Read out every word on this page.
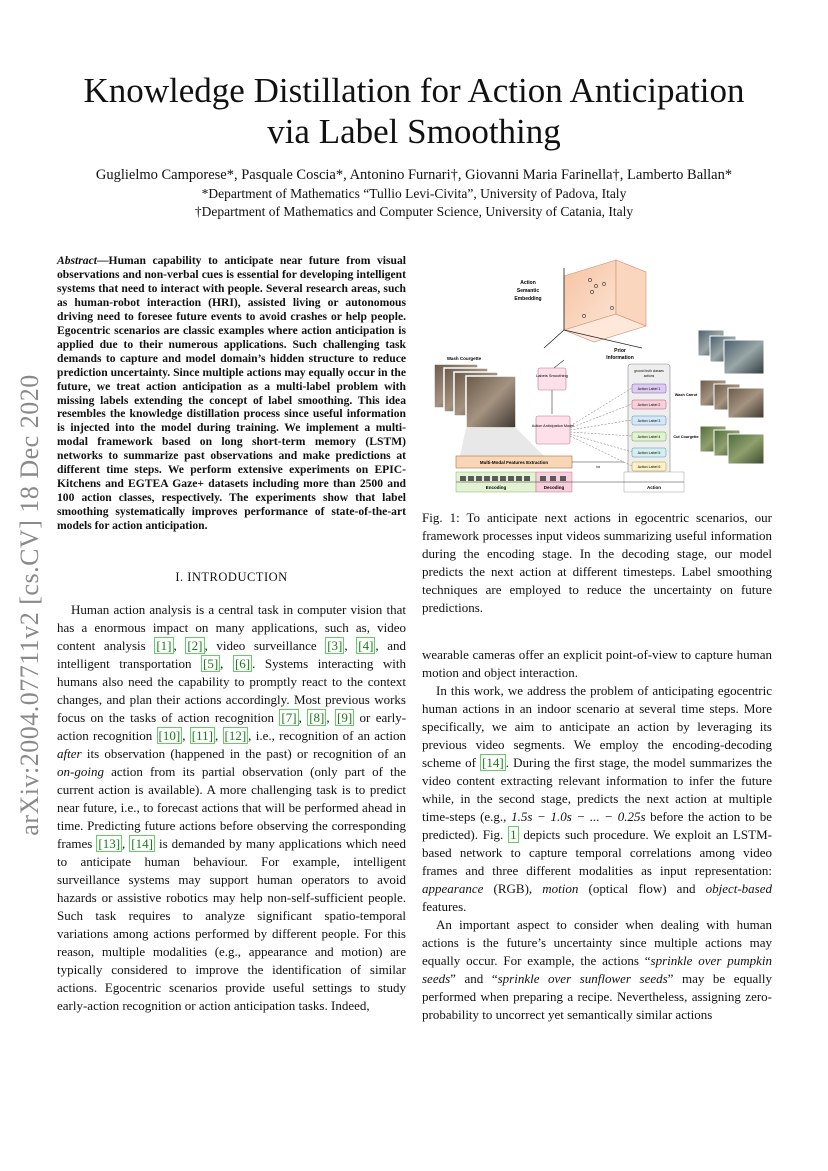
Knowledge Distillation for Action Anticipation
via Label Smoothing
Guglielmo Camporese*, Pasquale Coscia*, Antonino Furnari†, Giovanni Maria Farinella†, Lamberto Ballan*
*Department of Mathematics “Tullio Levi-Civita”, University of Padova, Italy
†Department of Mathematics and Computer Science, University of Catania, Italy
arXiv:2004.07711v2 [cs.CV] 18 Dec 2020
Abstract—Human capability to anticipate near future from visual observations and non-verbal cues is essential for developing intelligent systems that need to interact with people. Several research areas, such as human-robot interaction (HRI), assisted living or autonomous driving need to foresee future events to avoid crashes or help people. Egocentric scenarios are classic examples where action anticipation is applied due to their numerous applications. Such challenging task demands to capture and model domain’s hidden structure to reduce prediction uncertainty. Since multiple actions may equally occur in the future, we treat action anticipation as a multi-label problem with missing labels extending the concept of label smoothing. This idea resembles the knowledge distillation process since useful information is injected into the model during training. We implement a multi-modal framework based on long short-term memory (LSTM) networks to summarize past observations and make predictions at different time steps. We perform extensive experiments on EPIC-Kitchens and EGTEA Gaze+ datasets including more than 2500 and 100 action classes, respectively. The experiments show that label smoothing systematically improves performance of state-of-the-art models for action anticipation.
I. INTRODUCTION

Human action analysis is a central task in computer vision that has a enormous impact on many applications, such as, video content analysis [1] , [2] , video surveillance [3] , [4] , and intelligent transportation [5] , [6] . Systems interacting with humans also need the capability to promptly react to the context changes, and plan their actions accordingly. Most previous works focus on the tasks of action recognition [7] , [8] , [9] or early-action recognition [10] , [11] , [12] , i.e., recognition of an action after its observation (happened in the past) or recognition of an on-going action from its partial observation (only part of the current action is available). A more challenging task is to predict near future, i.e., to forecast actions that will be performed ahead in time. Predicting future actions before observing the corresponding frames [13] , [14] is demanded by many applications which need to anticipate human behaviour. For example, intelligent surveillance systems may support human operators to avoid hazards or assistive robotics may help non-self-sufficient people. Such task requires to analyze significant spatio-temporal variations among actions performed by different people. For this reason, multiple modalities (e.g., appearance and motion) are typically considered to improve the identification of similar actions. Egocentric scenarios provide useful settings to study early-action recognition or action anticipation tasks. Indeed,

Action
Semantic
Embedding
Prior
Information
Wash Courgette
Labels Smoothing
Action Anticipation Model
ground truth classes
actions
Action Label 1
Action Label 2
Action Label 3
Action Label 4
Action Label 5
Action Label 6
Wash Carrot
Cut Courgette
Multi-Modal Features Extraction
τα
Encoding	Decoding	Action
Fig. 1: To anticipate next actions in egocentric scenarios, our framework processes input videos summarizing useful information during the encoding stage. In the decoding stage, our model predicts the next action at different timesteps. Label smoothing techniques are employed to reduce the uncertainty on future predictions.

wearable cameras offer an explicit point-of-view to capture human motion and object interaction.

In this work, we address the problem of anticipating egocentric human actions in an indoor scenario at several time steps. More specifically, we aim to anticipate an action by leveraging its previous video segments. We employ the encoding-decoding scheme of [14] . During the first stage, the model summarizes the video content extracting relevant information to infer the future while, in the second stage, predicts the next action at multiple time-steps (e.g., 1.5s − 1.0s − ... − 0.25s before the action to be predicted). Fig. 1 depicts such procedure. We exploit an LSTM-based network to capture temporal correlations among video frames and three different modalities as input representation: appearance (RGB), motion (optical flow) and object-based features.

An important aspect to consider when dealing with human actions is the future’s uncertainty since multiple actions may equally occur. For example, the actions “sprinkle over pumpkin seeds” and “sprinkle over sunflower seeds” may be equally performed when preparing a recipe. Nevertheless, assigning zero-probability to uncorrect yet semantically similar actions
